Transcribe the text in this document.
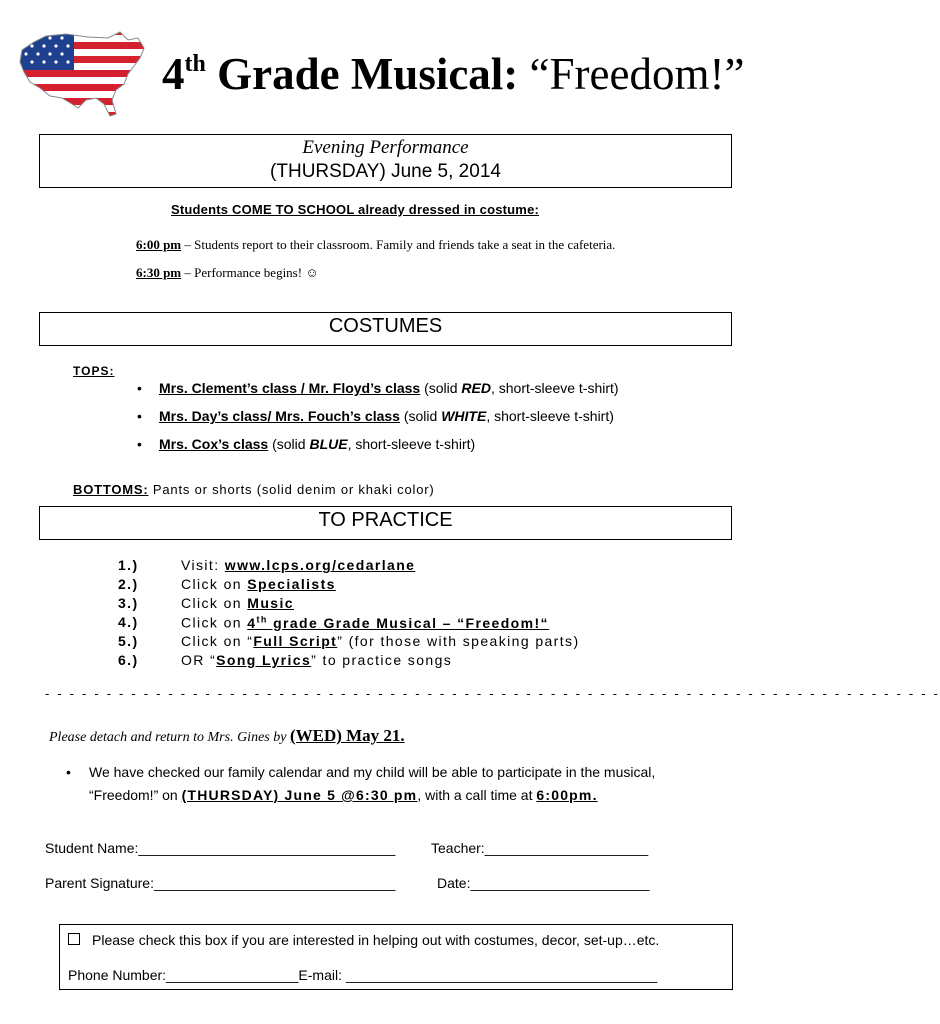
4th Grade Musical: “Freedom!”
Evening Performance
(THURSDAY) June 5, 2014
Students COME TO SCHOOL already dressed in costume:
6:00 pm – Students report to their classroom. Family and friends take a seat in the cafeteria.
6:30 pm – Performance begins! ☺
COSTUMES
TOPS:
• Mrs. Clement’s class / Mr. Floyd’s class (solid RED, short-sleeve t-shirt)
• Mrs. Day’s class/ Mrs. Fouch’s class (solid WHITE, short-sleeve t-shirt)
• Mrs. Cox’s class (solid BLUE, short-sleeve t-shirt)
BOTTOMS: Pants or shorts (solid denim or khaki color)
TO PRACTICE
1.)	Visit: www.lcps.org/cedarlane
2.)	Click on Specialists
3.)	Click on Music
4.)	Click on 4th grade Grade Musical – “Freedom!“
5.)	Click on “Full Script” (for those with speaking parts)
6.)	OR “Song Lyrics” to practice songs
- - - - - - - - - - - - - - - - - - - - - - - - - - - - - - - - - - - - - - - - - - - - - - - - - - - - - - - - - - - - - - - - - - - - - - - - -
Please detach and return to Mrs. Gines by (WED) May 21.
• We have checked our family calendar and my child will be able to participate in the musical,
“Freedom!” on (THURSDAY) June 5 @6:30 pm, with a call time at 6:00pm.
Student Name:_________________________________	Teacher:_____________________
Parent Signature:_______________________________	Date:_______________________
Please check this box if you are interested in helping out with costumes, decor, set-up…etc.
Phone Number:_________________E-mail: ________________________________________
